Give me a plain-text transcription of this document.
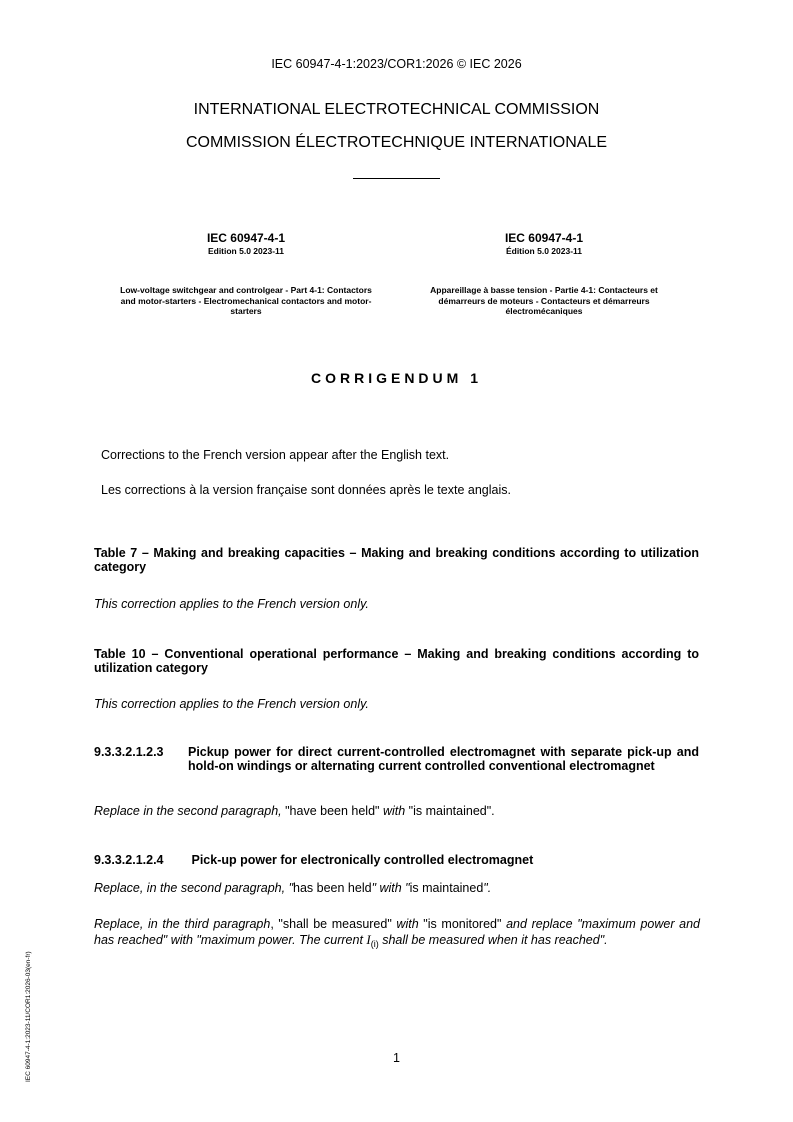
IEC 60947-4-1:2023/COR1:2026 © IEC 2026
INTERNATIONAL ELECTROTECHNICAL COMMISSION
COMMISSION ÉLECTROTECHNIQUE INTERNATIONALE
IEC 60947-4-1
Edition 5.0 2023-11
Low-voltage switchgear and controlgear - Part 4-1: Contactors and motor-starters - Electromechanical contactors and motor-starters
IEC 60947-4-1
Édition 5.0 2023-11
Appareillage à basse tension - Partie 4-1: Contacteurs et démarreurs de moteurs - Contacteurs et démarreurs électromécaniques
CORRIGENDUM 1
Corrections to the French version appear after the English text.
Les corrections à la version française sont données après le texte anglais.
Table 7 – Making and breaking capacities – Making and breaking conditions according to utilization category
This correction applies to the French version only.
Table 10 – Conventional operational performance – Making and breaking conditions according to utilization category
This correction applies to the French version only.
9.3.3.2.1.2.3 Pickup power for direct current-controlled electromagnet with separate pick-up and hold-on windings or alternating current controlled conventional electromagnet
Replace in the second paragraph, "have been held" with "is maintained".
9.3.3.2.1.2.4 Pick-up power for electronically controlled electromagnet
Replace, in the second paragraph, "has been held" with "is maintained".
Replace, in the third paragraph, "shall be measured" with "is monitored" and replace "maximum power and has reached" with "maximum power. The current $I_{(i)}$ shall be measured when it has reached".
1
IEC 60947-4-1:2023-11/COR1:2026-03(en-fr)
